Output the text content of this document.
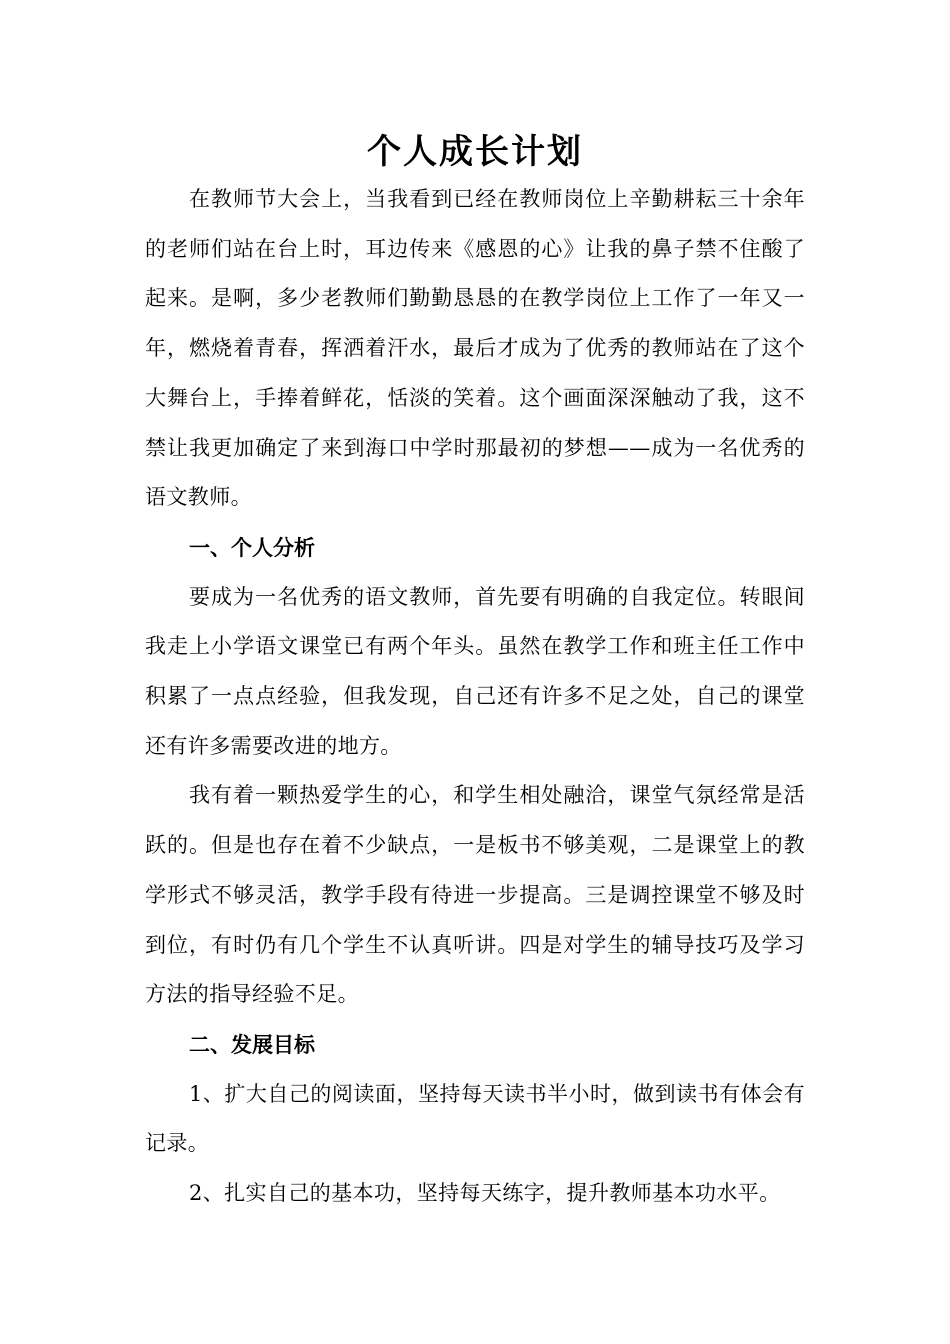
个人成长计划

在教师节大会上，当我看到已经在教师岗位上辛勤耕耘三十余年的老师们站在台上时，耳边传来《感恩的心》让我的鼻子禁不住酸了起来。是啊，多少老教师们勤勤恳恳的在教学岗位上工作了一年又一年，燃烧着青春，挥洒着汗水，最后才成为了优秀的教师站在了这个大舞台上，手捧着鲜花，恬淡的笑着。这个画面深深触动了我，这不禁让我更加确定了来到海口中学时那最初的梦想——成为一名优秀的语文教师。

一、个人分析

要成为一名优秀的语文教师，首先要有明确的自我定位。转眼间我走上小学语文课堂已有两个年头。虽然在教学工作和班主任工作中积累了一点点经验，但我发现，自己还有许多不足之处，自己的课堂还有许多需要改进的地方。

我有着一颗热爱学生的心，和学生相处融洽，课堂气氛经常是活跃的。但是也存在着不少缺点，一是板书不够美观，二是课堂上的教学形式不够灵活，教学手段有待进一步提高。三是调控课堂不够及时到位，有时仍有几个学生不认真听讲。四是对学生的辅导技巧及学习方法的指导经验不足。

二、发展目标

1、扩大自己的阅读面，坚持每天读书半小时，做到读书有体会有记录。

2、扎实自己的基本功，坚持每天练字，提升教师基本功水平。
